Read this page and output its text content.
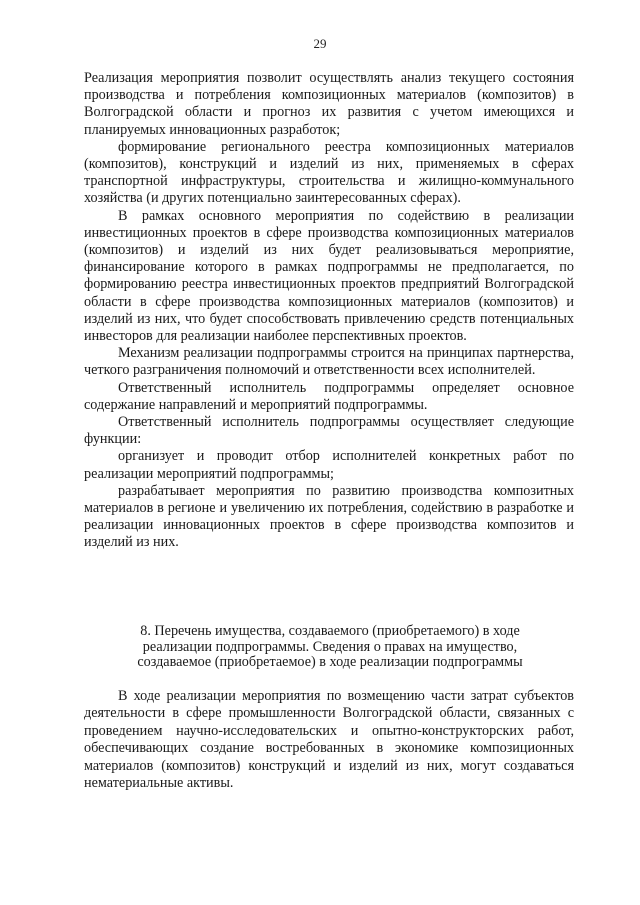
29

Реализация мероприятия позволит осуществлять анализ текущего состояния производства и потребления композиционных материалов (композитов) в Волгоградской области и прогноз их развития с учетом имеющихся и планируемых инновационных разработок;

формирование регионального реестра композиционных материалов (композитов), конструкций и изделий из них, применяемых в сферах транспортной инфраструктуры, строительства и жилищно-коммунального хозяйства (и других потенциально заинтересованных сферах).

В рамках основного мероприятия по содействию в реализации инвестиционных проектов в сфере производства композиционных материалов (композитов) и изделий из них будет реализовываться мероприятие, финансирование которого в рамках подпрограммы не предполагается, по формированию реестра инвестиционных проектов предприятий Волгоградской области в сфере производства композиционных материалов (композитов) и изделий из них, что будет способствовать привлечению средств потенциальных инвесторов для реализации наиболее перспективных проектов.

Механизм реализации подпрограммы строится на принципах партнерства, четкого разграничения полномочий и ответственности всех исполнителей.

Ответственный исполнитель подпрограммы определяет основное содержание направлений и мероприятий подпрограммы.

Ответственный исполнитель подпрограммы осуществляет следующие функции:

организует и проводит отбор исполнителей конкретных работ по реализации мероприятий подпрограммы;

разрабатывает мероприятия по развитию производства композитных материалов в регионе и увеличению их потребления, содействию в разработке и реализации инновационных проектов в сфере производства композитов и изделий из них.

8. Перечень имущества, создаваемого (приобретаемого) в ходе
реализации подпрограммы. Сведения о правах на имущество,
создаваемое (приобретаемое) в ходе реализации подпрограммы

В ходе реализации мероприятия по возмещению части затрат субъектов деятельности в сфере промышленности Волгоградской области, связанных с проведением научно-исследовательских и опытно-конструкторских работ, обеспечивающих создание востребованных в экономике композиционных материалов (композитов) конструкций и изделий из них, могут создаваться нематериальные активы.
